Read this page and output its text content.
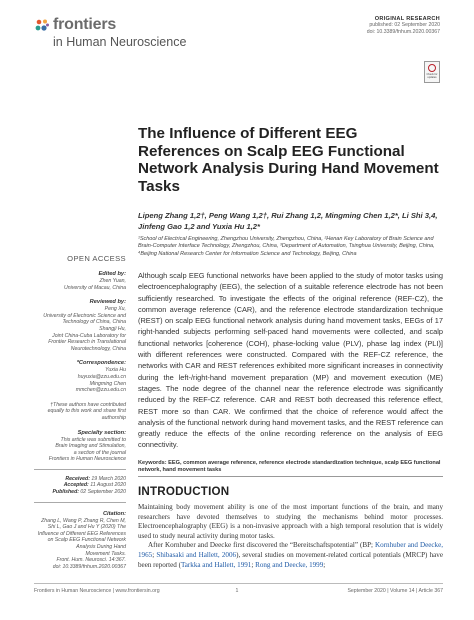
frontiers
in Human Neuroscience
ORIGINAL RESEARCH
published: 02 September 2020
doi: 10.3389/fnhum.2020.00367
Check for updates
The Influence of Different EEG References on Scalp EEG Functional Network Analysis During Hand Movement Tasks
Lipeng Zhang 1,2†, Peng Wang 1,2†, Rui Zhang 1,2, Mingming Chen 1,2*, Li Shi 3,4,
Jinfeng Gao 1,2 and Yuxia Hu 1,2*
¹School of Electrical Engineering, Zhengzhou University, Zhengzhou, China, ²Henan Key Laboratory of Brain Science and
Brain-Computer Interface Technology, Zhengzhou, China, ³Department of Automation, Tsinghua University, Beijing, China,
⁴Beijing National Research Center for Information Science and Technology, Beijing, China
OPEN ACCESS
Edited by:
Zhen Yuan,
University of Macau, China
Reviewed by:
Peng Xu,
University of Electronic Science and
Technology of China, China
Shangji Hu,
Joint China-Cuba Laboratory for
Frontier Research in Translational
Neurotechnology, China
*Correspondence:
Yuxia Hu
huyuxia@zzu.edu.cn
Mingming Chen
mmchen@zzu.edu.cn
†These authors have contributed
equally to this work and share first
authorship
Specialty section:
This article was submitted to
Brain Imaging and Stimulation,
a section of the journal
Frontiers in Human Neuroscience
Received: 19 March 2020
Accepted: 11 August 2020
Published: 02 September 2020
Citation:
Zhang L, Wang P, Zhang R, Chen M,
Shi L, Gao J and Hu Y (2020) The
Influence of Different EEG References
on Scalp EEG Functional Network
Analysis During Hand
Movement Tasks.
Front. Hum. Neurosci. 14:367.
doi: 10.3389/fnhum.2020.00367

Although scalp EEG functional networks have been applied to the study of motor tasks using electroencephalography (EEG), the selection of a suitable reference electrode has not been sufficiently researched. To investigate the effects of the original reference (REF-CZ), the common average reference (CAR), and the reference electrode standardization technique (REST) on scalp EEG functional network analysis during hand movement tasks, EEGs of 17 right-handed subjects performing self-paced hand movements were collected, and scalp functional networks [coherence (COH), phase-locking value (PLV), phase lag index (PLI)] with different references were constructed. Compared with the REF-CZ reference, the networks with CAR and REST references exhibited more significant increases in connectivity during the left-/right-hand movement preparation (MP) and movement execution (ME) stages. The node degree of the channel near the reference electrode was significantly reduced by the REF-CZ reference. CAR and REST both decreased this reference effect, REST more so than CAR. We confirmed that the choice of reference would affect the analysis of the functional network during hand movement tasks, and the REST reference can greatly reduce the effects of the online recording reference on the analysis of EEG connectivity.

Keywords: EEG, common average reference, reference electrode standardization technique, scalp EEG functional network, hand movement tasks
INTRODUCTION

Maintaining body movement ability is one of the most important functions of the brain, and many researchers have devoted themselves to studying the mechanisms behind motor processes. Electroencephalography (EEG) is a non-invasive approach with a high temporal resolution that is widely used to study neural activity during motor tasks.

After Kornhuber and Deecke first discovered the “Bereitschaftspotential” (BP; Kornhuber and Deecke, 1965; Shibasaki and Hallett, 2006), several studies on movement-related cortical potentials (MRCP) have been reported (Tarkka and Hallett, 1991; Rong and Deecke, 1999;

Frontiers in Human Neuroscience | www.frontiersin.org	1	September 2020 | Volume 14 | Article 367
